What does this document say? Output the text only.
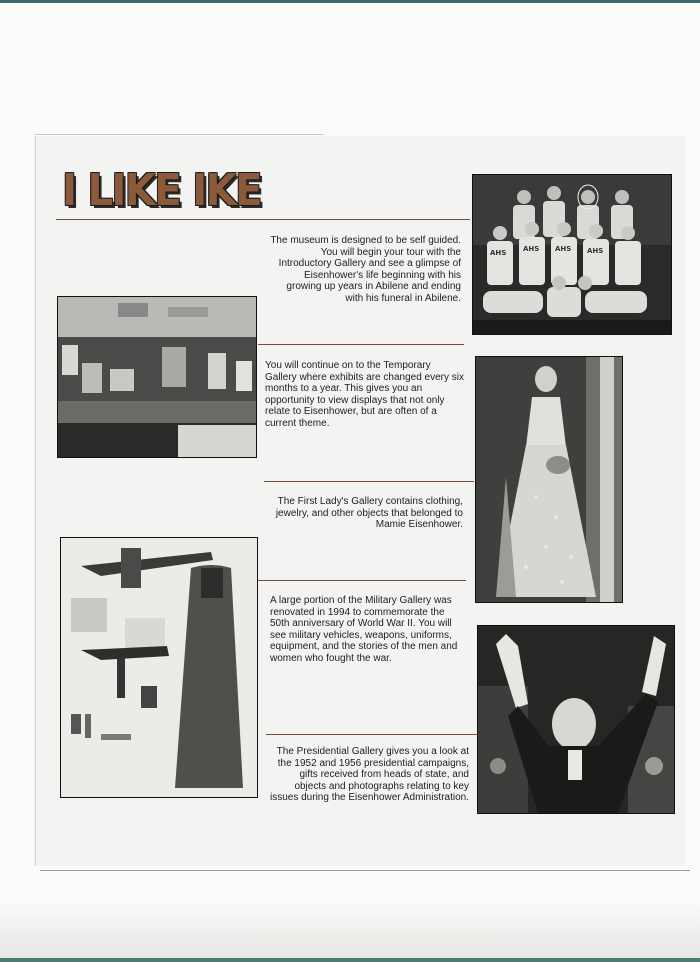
I LIKE IKE

The museum is designed to be self guided. You will begin your tour with the Introductory Gallery and see a glimpse of Eisenhower's life beginning with his growing up years in Abilene and ending with his funeral in Abilene.

You will continue on to the Temporary Gallery where exhibits are changed every six months to a year. This gives you an opportunity to view displays that not only relate to Eisenhower, but are often of a current theme.

The First Lady's Gallery contains clothing, jewelry, and other objects that belonged to Mamie Eisenhower.

A large portion of the Military Gallery was renovated in 1994 to commemorate the 50th anniversary of World War II. You will see military vehicles, weapons, uniforms, equipment, and the stories of the men and women who fought the war.

The Presidential Gallery gives you a look at the 1952 and 1956 presidential campaigns, gifts received from heads of state, and objects and photographs relating to key issues during the Eisenhower Administration.

AHS AHS AHS AHS
